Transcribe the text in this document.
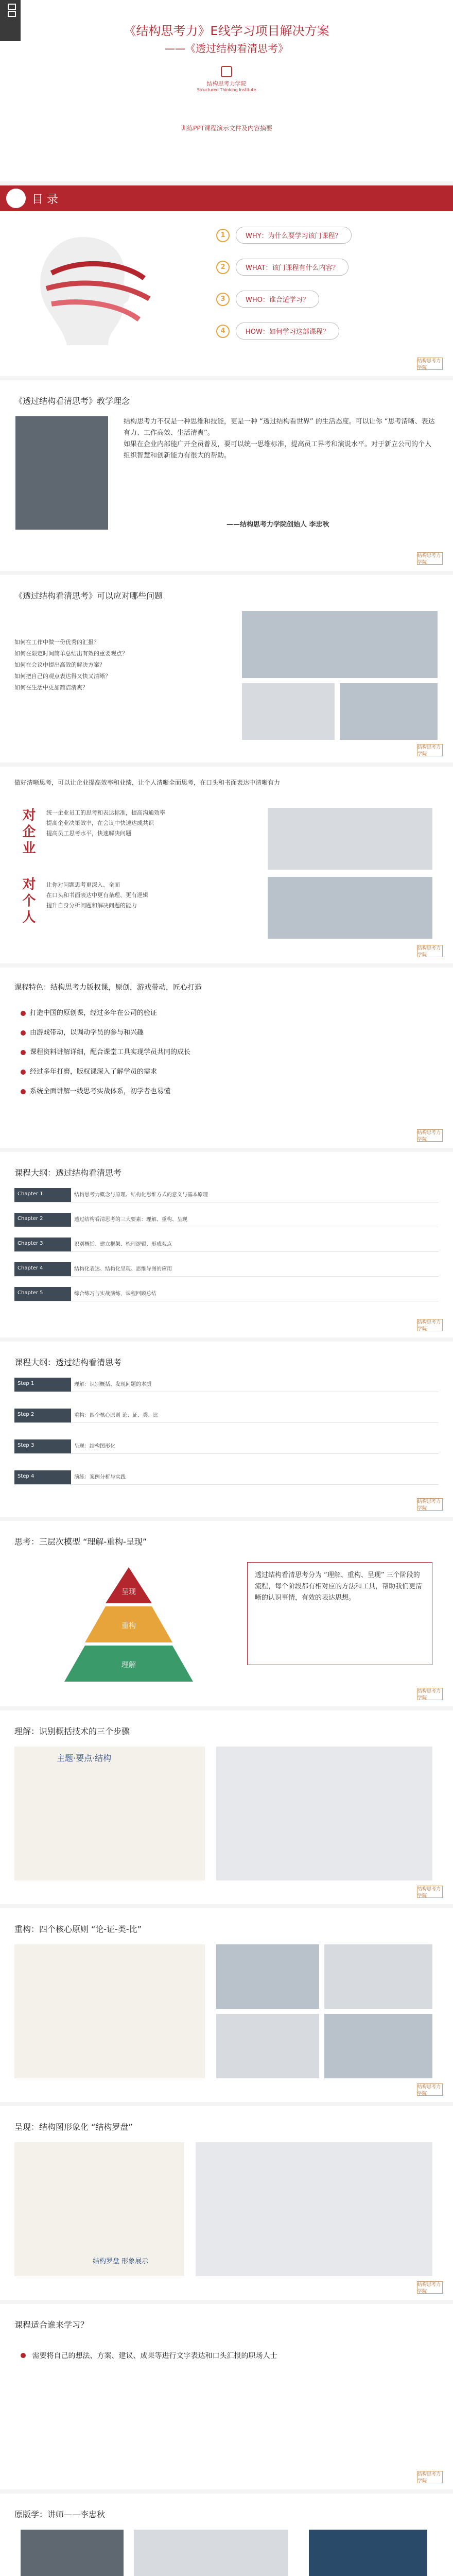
《结构思考力》E线学习项目解决方案
——《透过结构看清思考》
结构思考力学院
Structured Thinking Institute
训练PPT课程演示文件及内容摘要
目 录
1	WHY：为什么要学习该门课程？
2	WHAT：该门课程有什么内容？
3	WHO：谁合适学习？
4	HOW：如何学习这部课程？
结构思考力学院
《透过结构看清思考》教学理念
结构思考力不仅是一种思维和技能，更是一种 “透过结构看世界” 的生活态度。可以让你 “思考清晰、表达有力、工作高效、生活清爽”。
如果在企业内部能广开全员普及，要可以统一思维标准，提高员工界考和演说水平。对于新立公司的个人组织智慧和创新能力有很大的帮助。
——结构思考力学院创始人 李忠秋
结构思考力学院
《透过结构看清思考》可以应对哪些问题
如何在工作中做一份优秀的汇报？
如何在限定时间简单总结出有效的重要观点？
如何在会议中提出高效的解决方案？
如何把自己的观点表达得又快又清晰？
如何在生活中更加简洁清爽？
结构思考力学院
做好清晰思考，可以让企业提高效率和业绩，让个人清晰全面思考，在口头和书面表达中清晰有力
对企业	统一企业员工的思考和表达标准，提高沟通效率
提高企业决策效率，在会议中快速达成共识
提高员工思考水平，快速解决问题
对个人	让你对问题思考更深入、全面
在口头和书面表达中更有条理、更有逻辑
提升自身分析问题和解决问题的能力
结构思考力学院
课程特色：结构思考力版权课，原创，游戏带动，匠心打造
打造中国的原创课，经过多年在公司的验证
由游戏带动，以调动学员的参与和兴趣
课程资料讲解详细，配合课堂工具实现学员共同的成长
经过多年打磨，版权课深入了解学员的需求
系统全面讲解一线思考实战体系，初学者也易懂
结构思考力学院
课程大纲：透过结构看清思考
Chapter 1	结构思考力概念与原理、结构化思维方式的意义与基本原理
Chapter 2	透过结构看清思考的三大要素：理解、重构、呈现
Chapter 3	识别概括、建立框架、梳理逻辑、形成观点
Chapter 4	结构化表达、结构化呈现、思维导图的应用
Chapter 5	综合练习与实战演练，课程回顾总结
结构思考力学院
课程大纲：透过结构看清思考
Step 1	理解：识别概括、发现问题的本质
Step 2	重构：四个核心原则 论、证、类、比
Step 3	呈现：结构图形化
Step 4	演练：案例分析与实践
结构思考力学院
思考：三层次模型 “理解-重构-呈现”
呈现
重构
理解
透过结构看清思考分为 “理解、重构、呈现” 三个阶段的流程，每个阶段都有相对应的方法和工具，帮助我们更清晰的认识事情，有效的表达思想。
结构思考力学院
理解：识别概括技术的三个步骤
主题·要点·结构
结构思考力学院
重构：四个核心原则 “论-证-类-比”
结构思考力学院
呈现：结构图形象化 “结构罗盘”
结构罗盘 形象展示
结构思考力学院
课程适合谁来学习？
需要将自己的想法、方案、建议、成果等进行文字表达和口头汇报的职场人士
结构思考力学院
原版学：讲师——李忠秋
